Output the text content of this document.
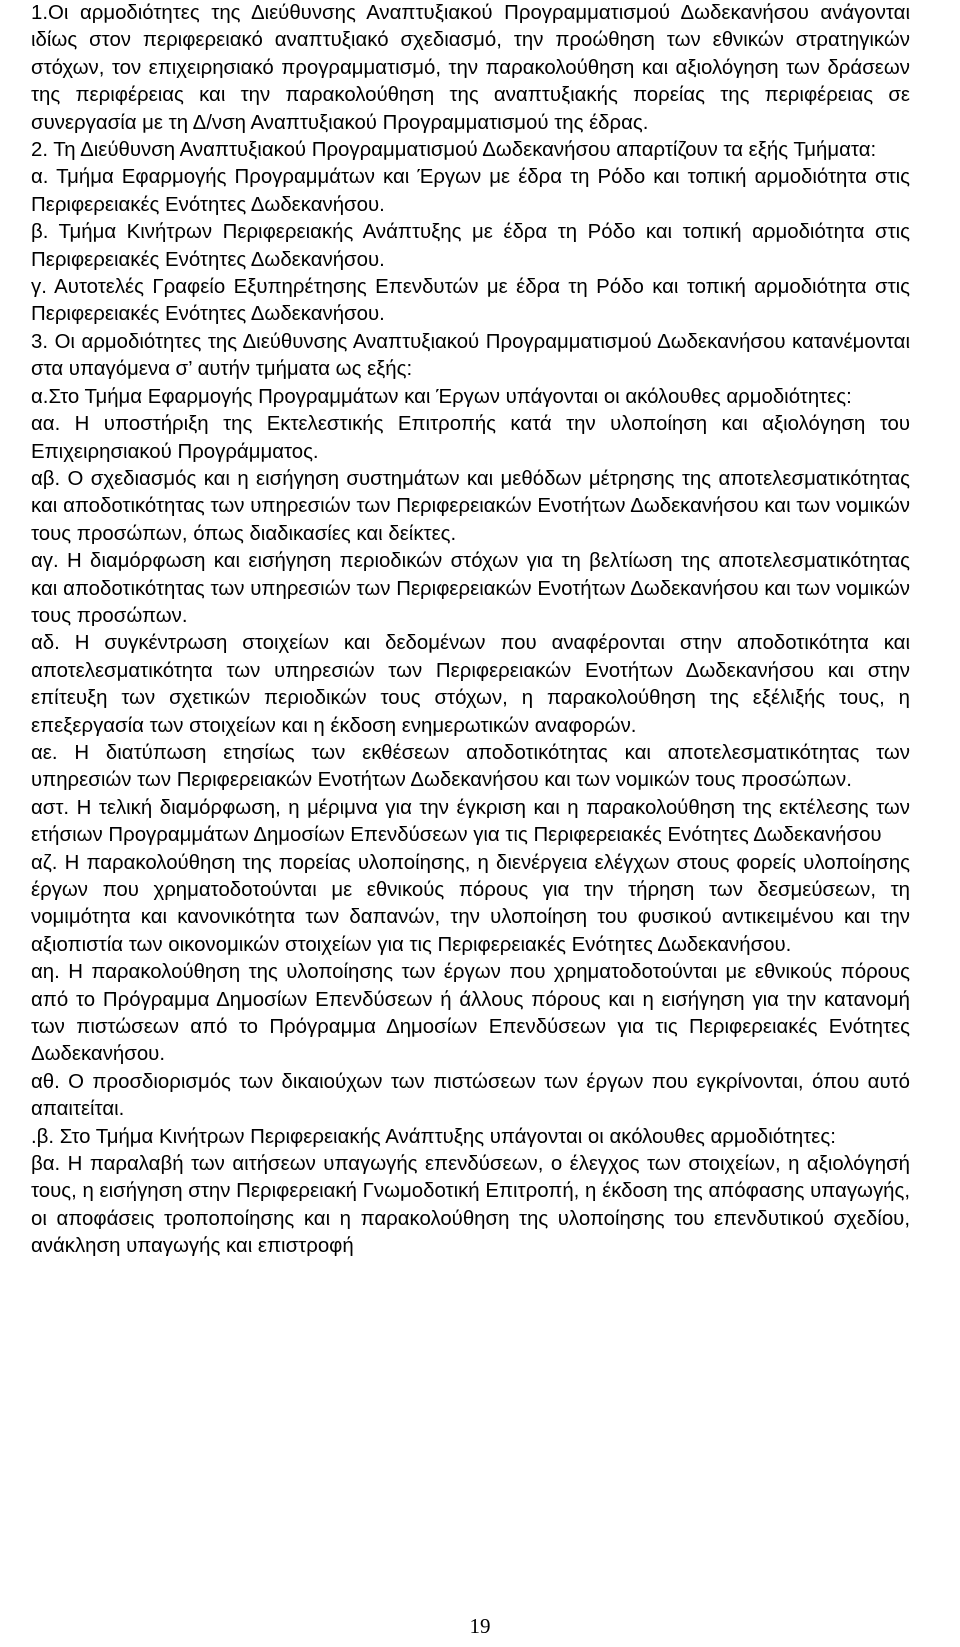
1.Οι αρμοδιότητες της Διεύθυνσης Αναπτυξιακού Προγραμματισμού Δωδεκανήσου ανάγονται ιδίως στον περιφερειακό αναπτυξιακό σχεδιασμό, την προώθηση των εθνικών στρατηγικών στόχων, τον επιχειρησιακό προγραμματισμό, την παρακολούθηση και αξιολόγηση των δράσεων της περιφέρειας και την παρακολούθηση της αναπτυξιακής πορείας της περιφέρειας σε συνεργασία με τη Δ/νση Αναπτυξιακού Προγραμματισμού της έδρας.

2. Τη Διεύθυνση Αναπτυξιακού Προγραμματισμού Δωδεκανήσου απαρτίζουν τα εξής Τμήματα:

α. Τμήμα Εφαρμογής Προγραμμάτων και Έργων με έδρα τη Ρόδο και τοπική αρμοδιότητα στις Περιφερειακές Ενότητες Δωδεκανήσου.

β. Τμήμα Κινήτρων Περιφερειακής Ανάπτυξης με έδρα τη Ρόδο και τοπική αρμοδιότητα στις Περιφερειακές Ενότητες Δωδεκανήσου.

γ. Αυτοτελές Γραφείο Εξυπηρέτησης Επενδυτών με έδρα τη Ρόδο και τοπική αρμοδιότητα στις Περιφερειακές Ενότητες Δωδεκανήσου.

3. Οι αρμοδιότητες της Διεύθυνσης Αναπτυξιακού Προγραμματισμού Δωδεκανήσου κατανέμονται στα υπαγόμενα σ’ αυτήν τμήματα ως εξής:

α.Στο Τμήμα Εφαρμογής Προγραμμάτων και Έργων υπάγονται οι ακόλουθες αρμοδιότητες:

αα. Η υποστήριξη της Εκτελεστικής Επιτροπής κατά την υλοποίηση και αξιολόγηση του Επιχειρησιακού Προγράμματος.

αβ. Ο σχεδιασμός και η εισήγηση συστημάτων και μεθόδων μέτρησης της αποτελεσματικότητας και αποδοτικότητας των υπηρεσιών των Περιφερειακών Ενοτήτων Δωδεκανήσου και των νομικών τους προσώπων, όπως διαδικασίες και δείκτες.

αγ. Η διαμόρφωση και εισήγηση περιοδικών στόχων για τη βελτίωση της αποτελεσματικότητας και αποδοτικότητας των υπηρεσιών των Περιφερειακών Ενοτήτων Δωδεκανήσου και των νομικών τους προσώπων.

αδ. Η συγκέντρωση στοιχείων και δεδομένων που αναφέρονται στην αποδοτικότητα και αποτελεσματικότητα των υπηρεσιών των Περιφερειακών Ενοτήτων Δωδεκανήσου και στην επίτευξη των σχετικών περιοδικών τους στόχων, η παρακολούθηση της εξέλιξής τους, η επεξεργασία των στοιχείων και η έκδοση ενημερωτικών αναφορών.

αε. Η διατύπωση ετησίως των εκθέσεων αποδοτικότητας και αποτελεσματικότητας των υπηρεσιών των Περιφερειακών Ενοτήτων Δωδεκανήσου και των νομικών τους προσώπων.

αστ. Η τελική διαμόρφωση, η μέριμνα για την έγκριση και η παρακολούθηση της εκτέλεσης των ετήσιων Προγραμμάτων Δημοσίων Επενδύσεων για τις Περιφερειακές Ενότητες Δωδεκανήσου

αζ. Η παρακολούθηση της πορείας υλοποίησης, η διενέργεια ελέγχων στους φορείς υλοποίησης έργων που χρηματοδοτούνται με εθνικούς πόρους για την τήρηση των δεσμεύσεων, τη νομιμότητα και κανονικότητα των δαπανών, την υλοποίηση του φυσικού αντικειμένου και την αξιοπιστία των οικονομικών στοιχείων για τις Περιφερειακές Ενότητες Δωδεκανήσου.

αη. Η παρακολούθηση της υλοποίησης των έργων που χρηματοδοτούνται με εθνικούς πόρους από το Πρόγραμμα Δημοσίων Επενδύσεων ή άλλους πόρους και η εισήγηση για την κατανομή των πιστώσεων από το Πρόγραμμα Δημοσίων Επενδύσεων για τις Περιφερειακές Ενότητες Δωδεκανήσου.

αθ. Ο προσδιορισμός των δικαιούχων των πιστώσεων των έργων που εγκρίνονται, όπου αυτό απαιτείται.

.β. Στο Τμήμα Κινήτρων Περιφερειακής Ανάπτυξης υπάγονται οι ακόλουθες αρμοδιότητες:

βα. Η παραλαβή των αιτήσεων υπαγωγής επενδύσεων, ο έλεγχος των στοιχείων, η αξιολόγησή τους, η εισήγηση στην Περιφερειακή Γνωμοδοτική Επιτροπή, η έκδοση της απόφασης υπαγωγής, οι αποφάσεις τροποποίησης και η παρακολούθηση της υλοποίησης του επενδυτικού σχεδίου, ανάκληση υπαγωγής και επιστροφή

19
